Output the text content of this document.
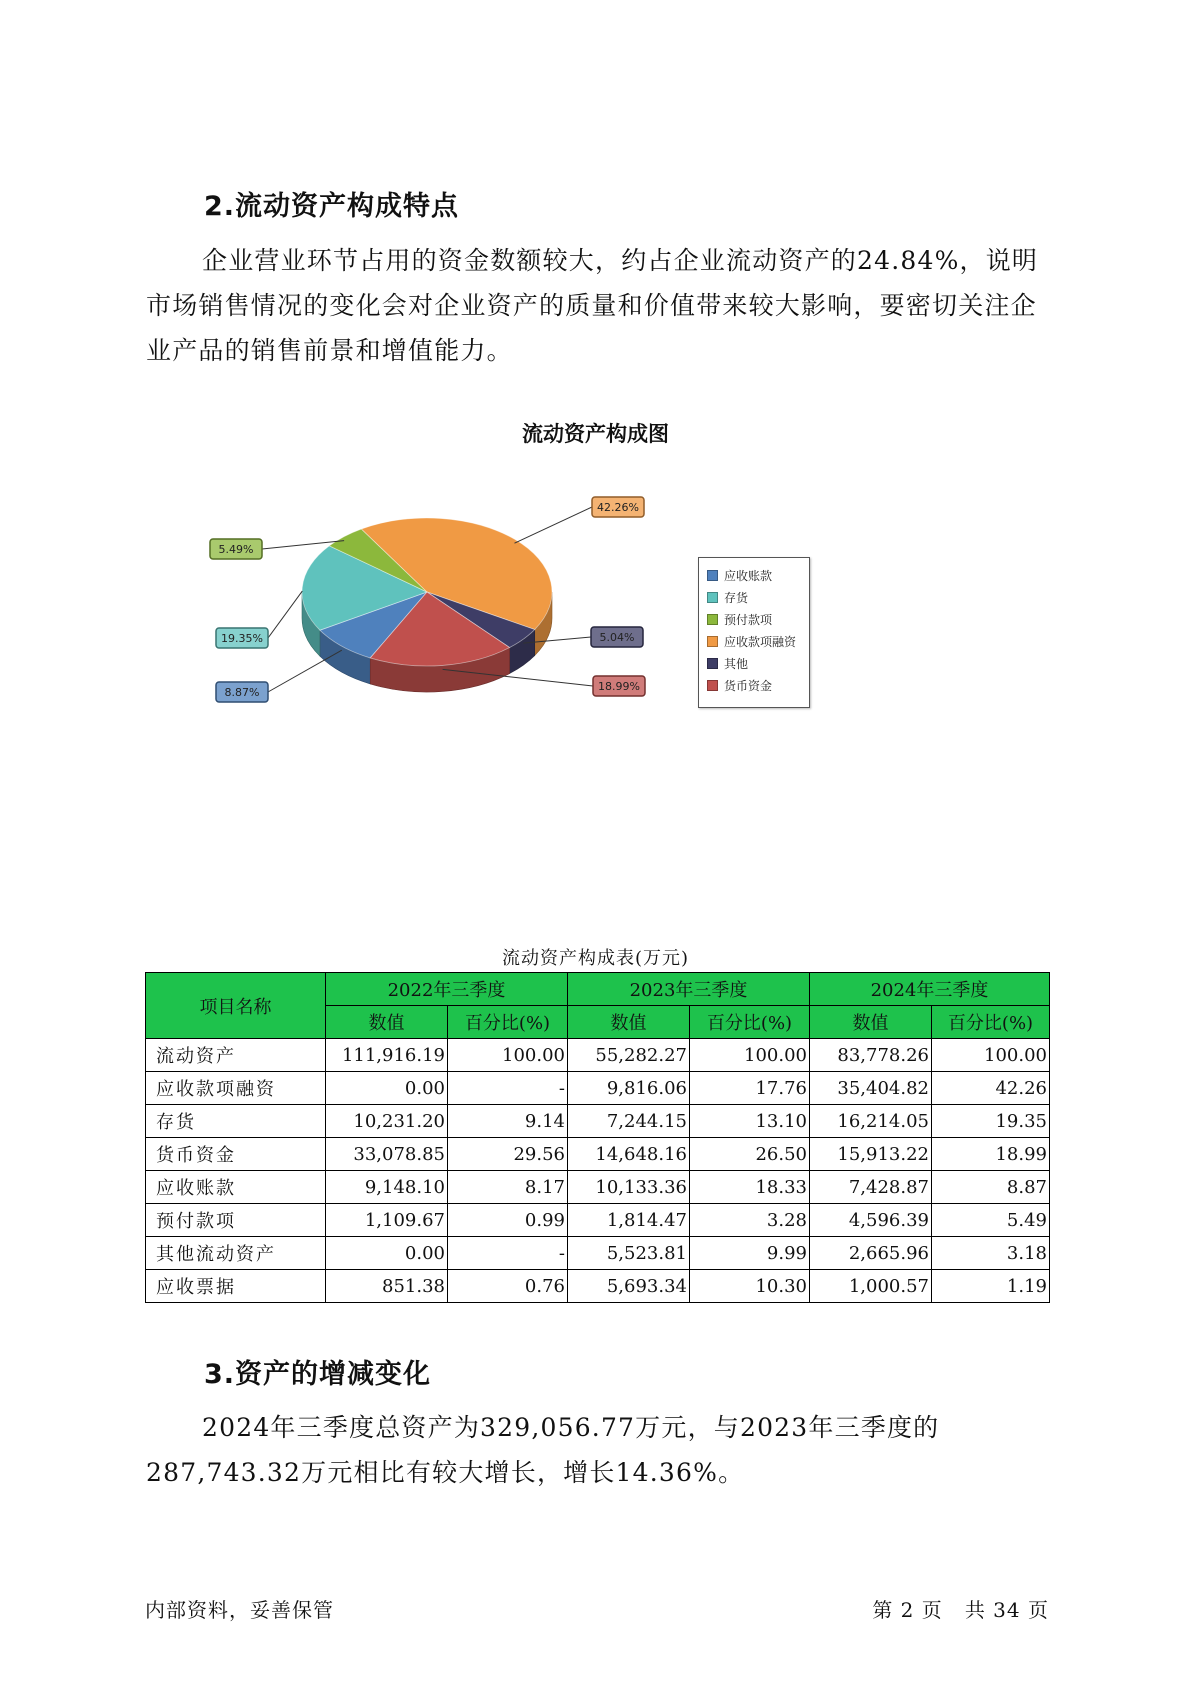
2.流动资产构成特点

企业营业环节占用的资金数额较大，约占企业流动资产的24.84%，说明市场销售情况的变化会对企业资产的质量和价值带来较大影响，要密切关注企业产品的销售前景和增值能力。

流动资产构成图
8.87%
19.35%
5.49%
42.26%
5.04%
18.99%
应收账款
存货
预付款项
应收款项融资
其他
货币资金
流动资产构成表(万元)
项目名称	2022年三季度		2023年三季度		2024年三季度	
	数值	百分比(%)	数值	百分比(%)	数值	百分比(%)
流动资产	111,916.19	100.00	55,282.27	100.00	83,778.26	100.00
应收款项融资	0.00	-	9,816.06	17.76	35,404.82	42.26
存货	10,231.20	9.14	7,244.15	13.10	16,214.05	19.35
货币资金	33,078.85	29.56	14,648.16	26.50	15,913.22	18.99
应收账款	9,148.10	8.17	10,133.36	18.33	7,428.87	8.87
预付款项	1,109.67	0.99	1,814.47	3.28	4,596.39	5.49
其他流动资产	0.00	-	5,523.81	9.99	2,665.96	3.18
应收票据	851.38	0.76	5,693.34	10.30	1,000.57	1.19
3.资产的增减变化

2024年三季度总资产为329,056.77万元，与2023年三季度的287,743.32万元相比有较大增长，增长14.36%。

内部资料，妥善保管	第 2 页   共 34 页
